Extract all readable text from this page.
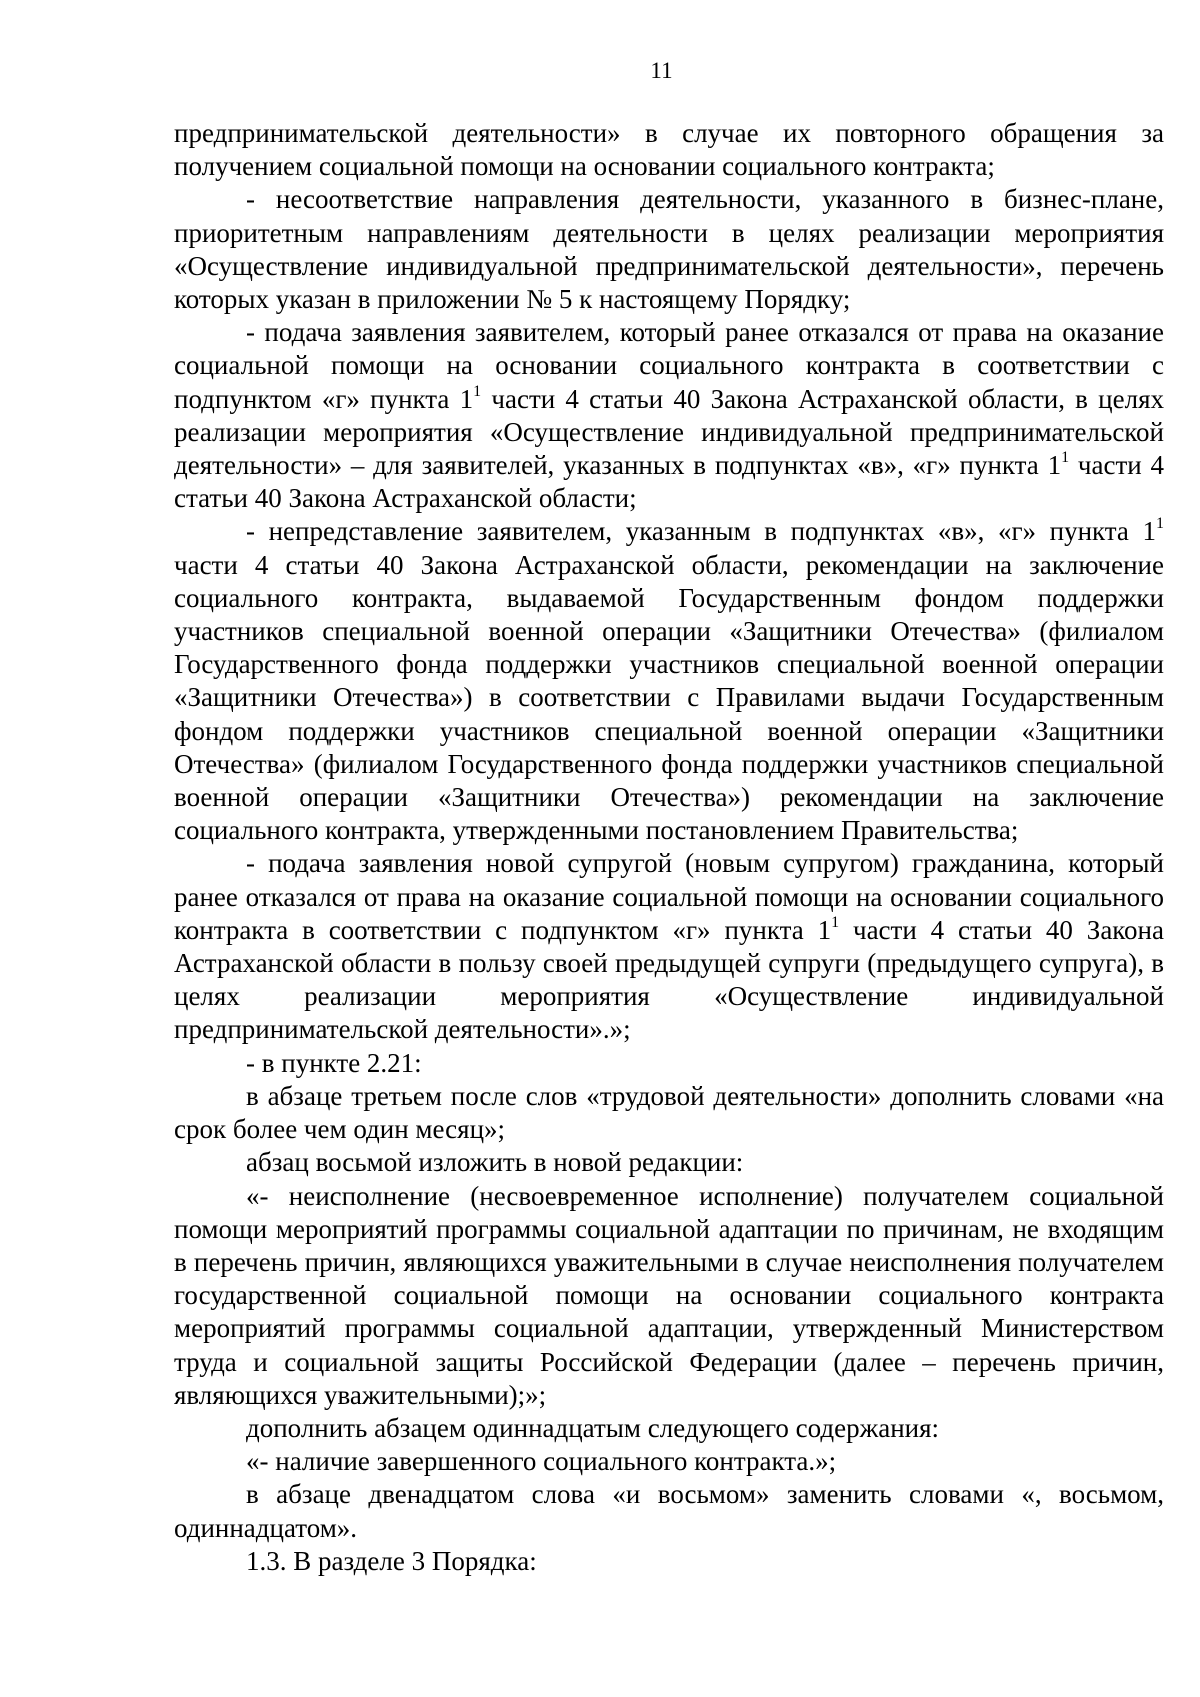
11

предпринимательской деятельности» в случае их повторного обращения за получением социальной помощи на основании социального контракта;

- несоответствие направления деятельности, указанного в бизнес-плане, приоритетным направлениям деятельности в целях реализации мероприятия «Осуществление индивидуальной предпринимательской деятельности», перечень которых указан в приложении № 5 к настоящему Порядку;

- подача заявления заявителем, который ранее отказался от права на оказание социальной помощи на основании социального контракта в соответствии с подпунктом «г» пункта $1^1$ части 4 статьи 40 Закона Астраханской области, в целях реализации мероприятия «Осуществление индивидуальной предпринимательской деятельности» – для заявителей, указанных в подпунктах «в», «г» пункта $1^1$ части 4 статьи 40 Закона Астраханской области;

- непредставление заявителем, указанным в подпунктах «в», «г» пункта $1^1$ части 4 статьи 40 Закона Астраханской области, рекомендации на заключение социального контракта, выдаваемой Государственным фондом поддержки участников специальной военной операции «Защитники Отечества» (филиалом Государственного фонда поддержки участников специальной военной операции «Защитники Отечества») в соответствии с Правилами выдачи Государственным фондом поддержки участников специальной военной операции «Защитники Отечества» (филиалом Государственного фонда поддержки участников специальной военной операции «Защитники Отечества») рекомендации на заключение социального контракта, утвержденными постановлением Правительства;

- подача заявления новой супругой (новым супругом) гражданина, который ранее отказался от права на оказание социальной помощи на основании социального контракта в соответствии с подпунктом «г» пункта $1^1$ части 4 статьи 40 Закона Астраханской области в пользу своей предыдущей супруги (предыдущего супруга), в целях реализации мероприятия «Осуществление индивидуальной предпринимательской деятельности».»;

- в пункте 2.21:

в абзаце третьем после слов «трудовой деятельности» дополнить словами «на срок более чем один месяц»;

абзац восьмой изложить в новой редакции:

«- неисполнение (несвоевременное исполнение) получателем социальной помощи мероприятий программы социальной адаптации по причинам, не входящим в перечень причин, являющихся уважительными в случае неисполнения получателем государственной социальной помощи на основании социального контракта мероприятий программы социальной адаптации, утвержденный Министерством труда и социальной защиты Российской Федерации (далее – перечень причин, являющихся уважительными);»;

дополнить абзацем одиннадцатым следующего содержания:

«- наличие завершенного социального контракта.»;

в абзаце двенадцатом слова «и восьмом» заменить словами «, восьмом, одиннадцатом».

1.3. В разделе 3 Порядка:
